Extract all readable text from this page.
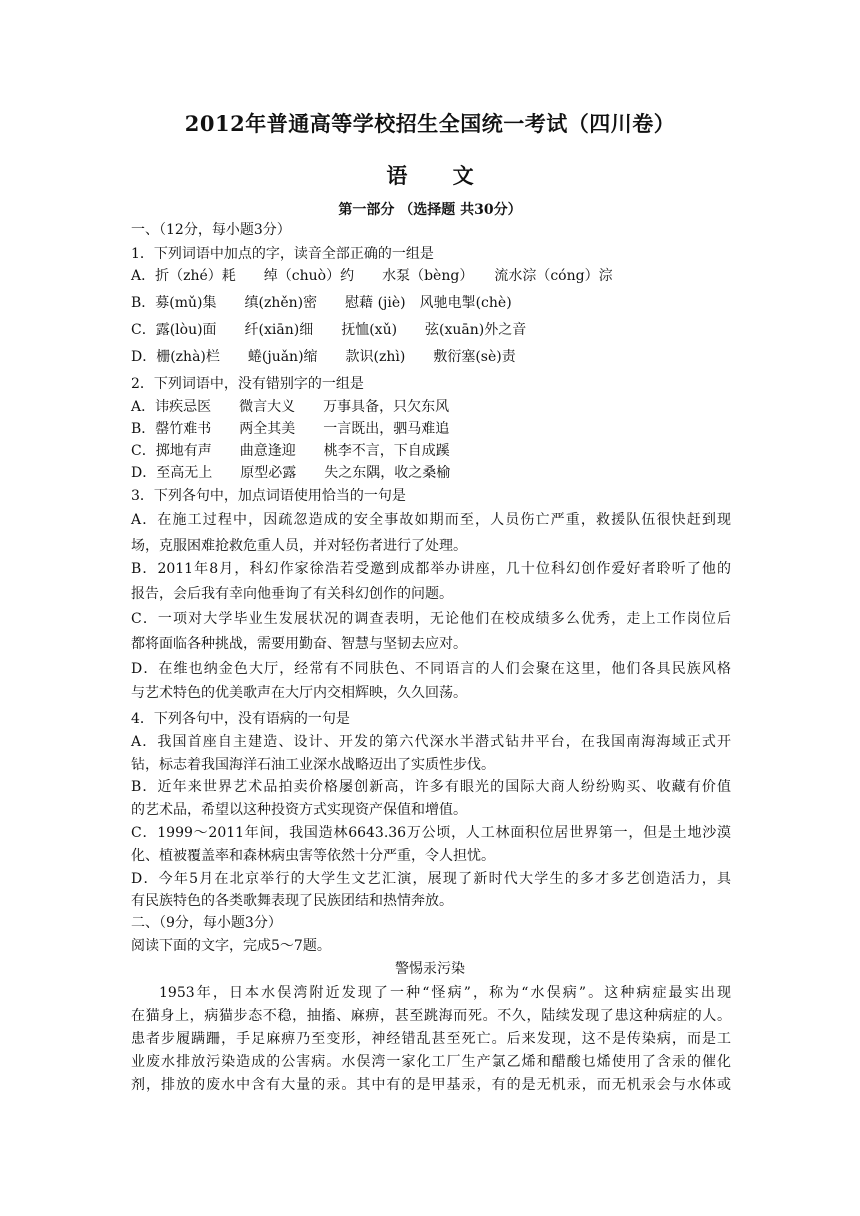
2012年普通高等学校招生全国统一考试（四川卷）
语 文
第一部分 （选择题 共30分）
一、（12分，每小题3分）
1．下列词语中加点的字，读音全部正确的一组是
A．折（zhé）耗　　绰（chuò）约　　水泵（bèng）　　流水淙（cóng）淙
B．募(mǔ)集　　缜(zhěn)密　　慰藉 (jiè)　风驰电掣(chè)
C．露(lòu)面　　纤(xiān)细　　抚恤(xǔ)　　弦(xuān)外之音
D．栅(zhà)栏　　蜷(juǎn)缩　　款识(zhì)　　敷衍塞(sè)责
2．下列词语中，没有错别字的一组是
A．讳疾忌医　　微言大义　　万事具备，只欠东风
B．罄竹难书　　两全其美　　一言既出，驷马难追
C．掷地有声　　曲意逢迎　　桃李不言，下自成蹊
D．至高无上　　原型必露　　失之东隅，收之桑榆
3．下列各句中，加点词语使用恰当的一句是
A．在施工过程中，因疏忽造成的安全事故如期而至，人员伤亡严重，救援队伍很快赶到现
场，克服困难抢救危重人员，并对轻伤者进行了处理。
B．2011年8月，科幻作家徐浩若受邀到成都举办讲座，几十位科幻创作爱好者聆听了他的
报告，会后我有幸向他垂询了有关科幻创作的问题。
C．一项对大学毕业生发展状况的调查表明，无论他们在校成绩多么优秀，走上工作岗位后
都将面临各种挑战，需要用勤奋、智慧与坚韧去应对。
D．在维也纳金色大厅，经常有不同肤色、不同语言的人们会聚在这里，他们各具民族风格
与艺术特色的优美歌声在大厅内交相辉映，久久回荡。
4．下列各句中，没有语病的一句是
A．我国首座自主建造、设计、开发的第六代深水半潜式钻井平台，在我国南海海域正式开
钻，标志着我国海洋石油工业深水战略迈出了实质性步伐。
B．近年来世界艺术品拍卖价格屡创新高，许多有眼光的国际大商人纷纷购买、收藏有价值
的艺术品，希望以这种投资方式实现资产保值和增值。
C．1999～2011年间，我国造林6643.36万公顷，人工林面积位居世界第一，但是土地沙漠
化、植被覆盖率和森林病虫害等依然十分严重，令人担忧。
D．今年5月在北京举行的大学生文艺汇演，展现了新时代大学生的多才多艺创造活力，具
有民族特色的各类歌舞表现了民族团结和热情奔放。
二、（9分，每小题3分）
阅读下面的文字，完成5～7题。
警惕汞污染
1953年，日本水俣湾附近发现了一种“怪病”，称为“水俣病”。这种病症最实出现
在猫身上，病猫步态不稳，抽搐、麻痹，甚至跳海而死。不久，陆续发现了患这种病症的人。
患者步履蹒跚，手足麻痹乃至变形，神经错乱甚至死亡。后来发现，这不是传染病，而是工
业废水排放污染造成的公害病。水俣湾一家化工厂生产氯乙烯和醋酸乜烯使用了含汞的催化
剂，排放的废水中含有大量的汞。其中有的是甲基汞，有的是无机汞，而无机汞会与水体或
